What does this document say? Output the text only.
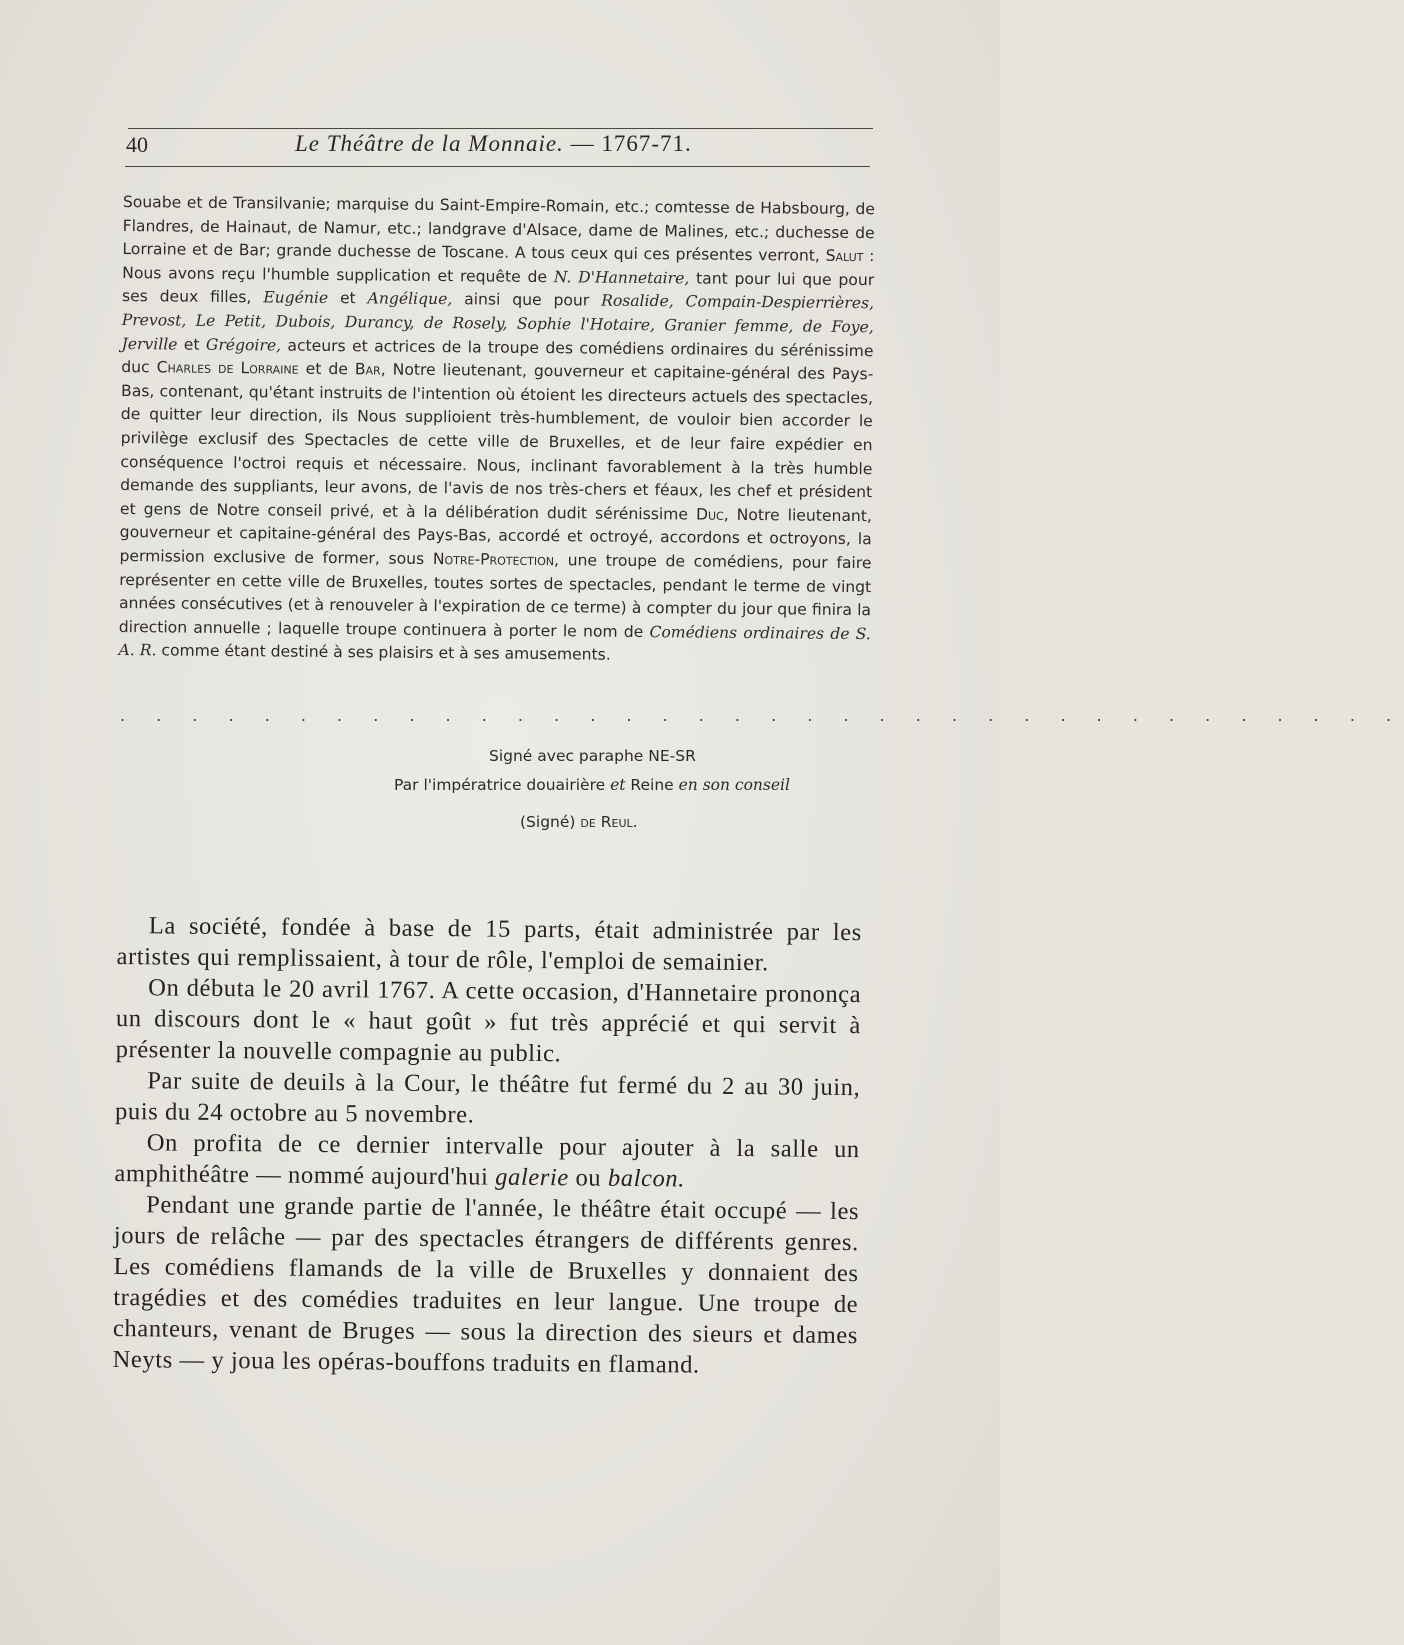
40	Le Théâtre de la Monnaie. — 1767-71.

Souabe et de Transilvanie; marquise du Saint-Empire-Romain, etc.; comtesse de Habsbourg, de Flandres, de Hainaut, de Namur, etc.; landgrave d'Alsace, dame de Malines, etc.; duchesse de Lorraine et de Bar; grande duchesse de Toscane. A tous ceux qui ces présentes verront, Salut : Nous avons reçu l'humble supplication et requête de N. D'Hannetaire, tant pour lui que pour ses deux filles, Eugénie et Angélique, ainsi que pour Rosalide, Compain-Despierrières, Prevost, Le Petit, Dubois, Durancy, de Rosely, Sophie l'Hotaire, Granier femme, de Foye, Jerville et Grégoire, acteurs et actrices de la troupe des comédiens ordinaires du sérénissime duc Charles de Lorraine et de Bar, Notre lieutenant, gouverneur et capitaine-général des Pays-Bas, contenant, qu'étant instruits de l'intention où étoient les directeurs actuels des spectacles, de quitter leur direction, ils Nous supplioient très-humblement, de vouloir bien accorder le privilège exclusif des Spectacles de cette ville de Bruxelles, et de leur faire expédier en conséquence l'octroi requis et nécessaire. Nous, inclinant favorablement à la très humble demande des suppliants, leur avons, de l'avis de nos très-chers et féaux, les chef et président et gens de Notre conseil privé, et à la délibération dudit sérénissime Duc, Notre lieutenant, gouverneur et capitaine-général des Pays-Bas, accordé et octroyé, accordons et octroyons, la permission exclusive de former, sous Notre-Protection, une troupe de comédiens, pour faire représenter en cette ville de Bruxelles, toutes sortes de spectacles, pendant le terme de vingt années consécutives (et à renouveler à l'expiration de ce terme) à compter du jour que finira la direction annuelle ; laquelle troupe continuera à porter le nom de Comédiens ordinaires de S. A. R. comme étant destiné à ses plaisirs et à ses amusements.

. . . . . . . . . . . . . . . . . . . . . . . . . . . . . . . . . . . .
Signé avec paraphe NE-SR
Par l'impératrice douairière et Reine en son conseil
(Signé) de Reul.

La société, fondée à base de 15 parts, était administrée par les artistes qui remplissaient, à tour de rôle, l'emploi de semainier.

On débuta le 20 avril 1767. A cette occasion, d'Hannetaire prononça un discours dont le « haut goût » fut très apprécié et qui servit à présenter la nouvelle compagnie au public.

Par suite de deuils à la Cour, le théâtre fut fermé du 2 au 30 juin, puis du 24 octobre au 5 novembre.

On profita de ce dernier intervalle pour ajouter à la salle un amphithéâtre — nommé aujourd'hui galerie ou balcon.

Pendant une grande partie de l'année, le théâtre était occupé — les jours de relâche — par des spectacles étrangers de différents genres. Les comédiens flamands de la ville de Bruxelles y donnaient des tragédies et des comédies traduites en leur langue. Une troupe de chanteurs, venant de Bruges — sous la direction des sieurs et dames Neyts — y joua les opéras-bouffons traduits en flamand.
